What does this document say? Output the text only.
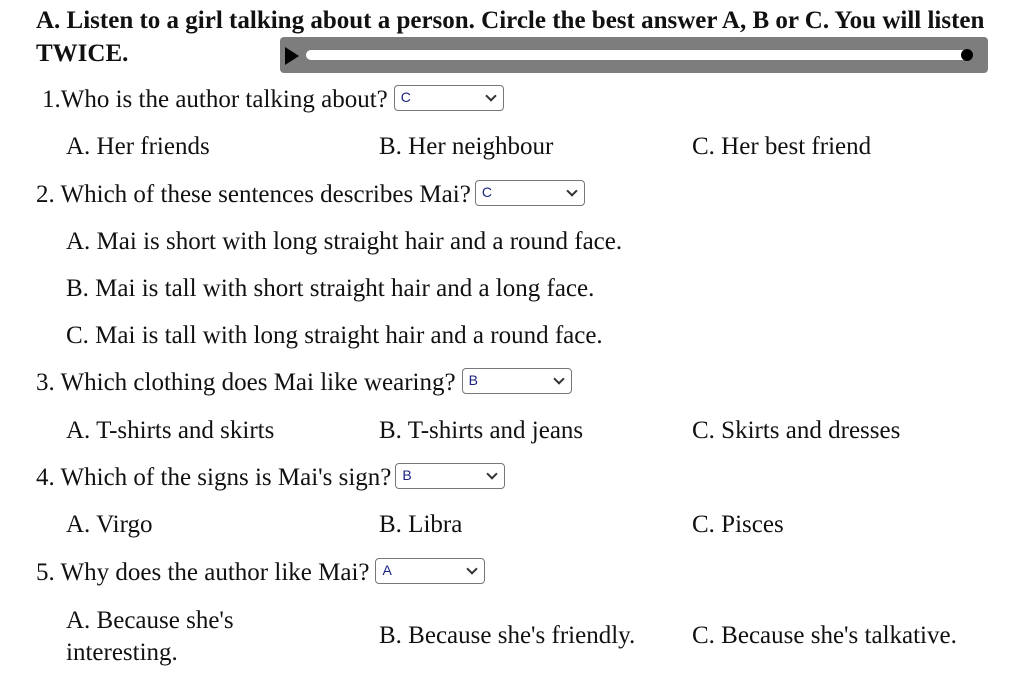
A. Listen to a girl talking about a person. Circle the best answer A, B or C. You will listen TWICE.
1.Who is the author talking about? C
A. Her friends	B. Her neighbour	C. Her best friend
2. Which of these sentences describes Mai? C
A. Mai is short with long straight hair and a round face.
B. Mai is tall with short straight hair and a long face.
C. Mai is tall with long straight hair and a round face.
3. Which clothing does Mai like wearing? B
A. T-shirts and skirts	B. T-shirts and jeans	C. Skirts and dresses
4. Which of the signs is Mai's sign? B
A. Virgo	B. Libra	C. Pisces
5. Why does the author like Mai? A
A. Because she's interesting.
B. Because she's friendly. C. Because she's talkative.
